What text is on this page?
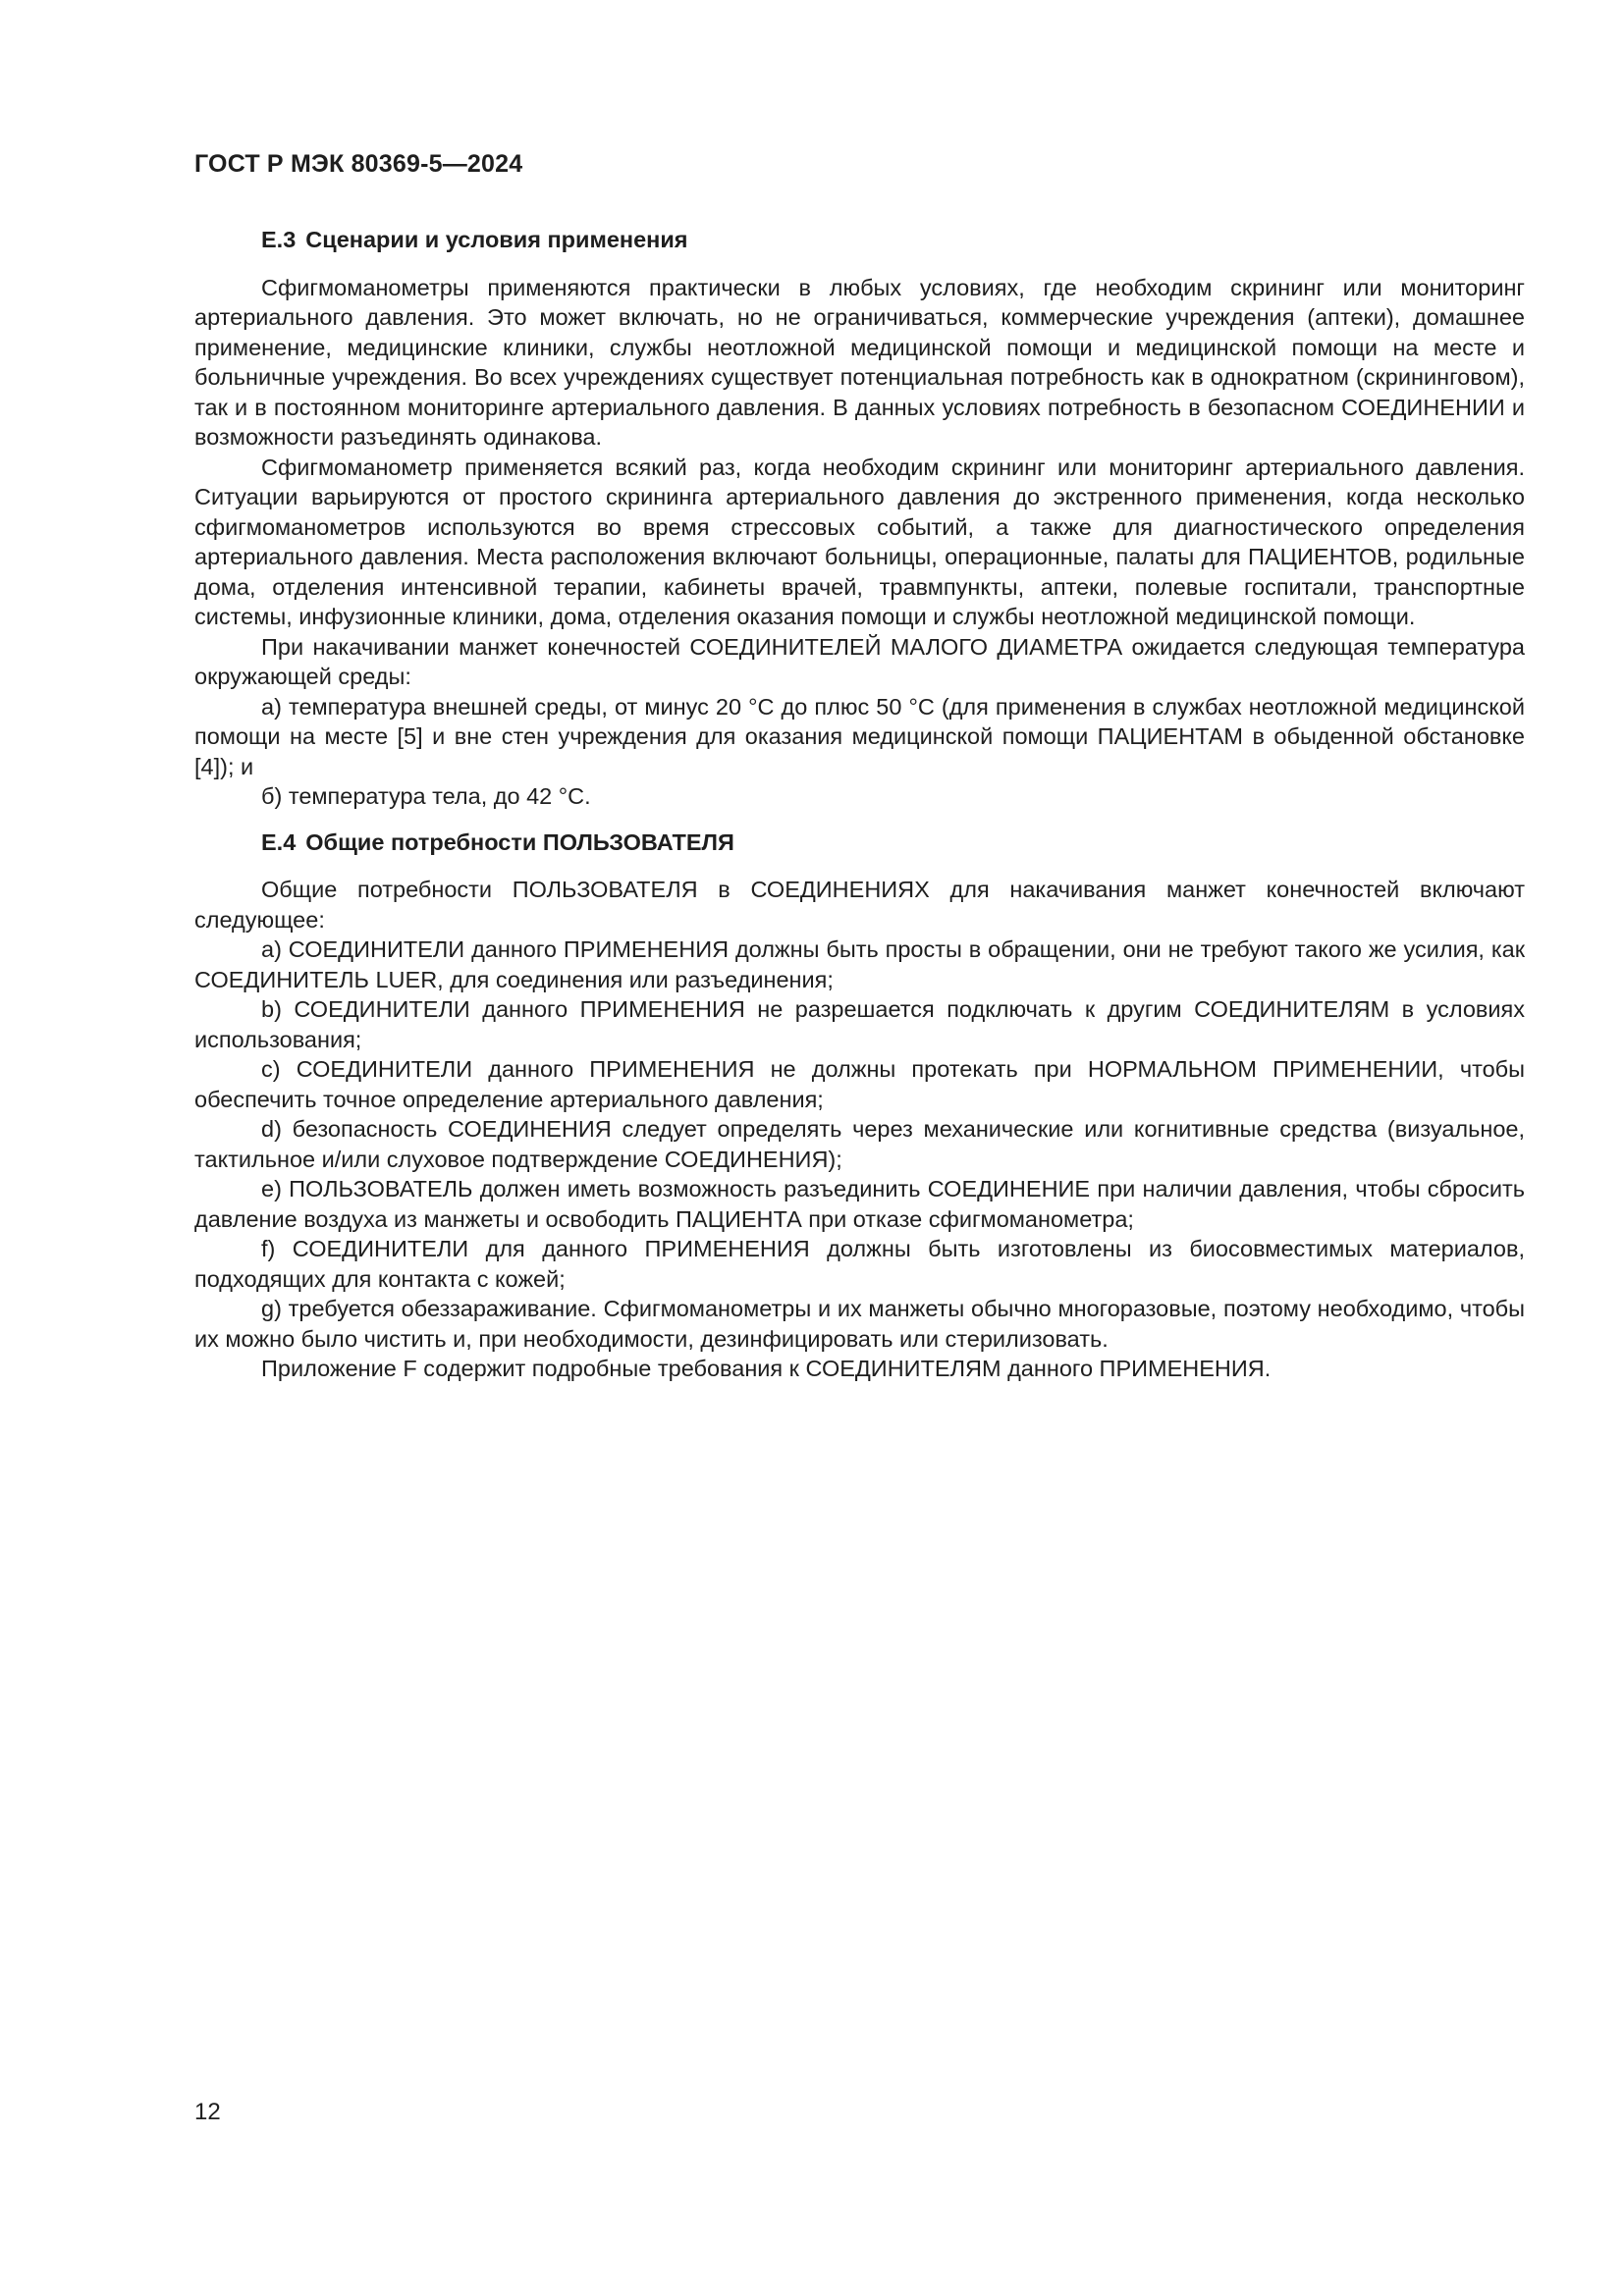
ГОСТ Р МЭК 80369-5—2024

E.3 Сценарии и условия применения

Сфигмоманометры применяются практически в любых условиях, где необходим скрининг или мониторинг артериального давления. Это может включать, но не ограничиваться, коммерческие учреждения (аптеки), домашнее применение, медицинские клиники, службы неотложной медицинской помощи и медицинской помощи на месте и больничные учреждения. Во всех учреждениях существует потенциальная потребность как в однократном (скрининговом), так и в постоянном мониторинге артериального давления. В данных условиях потребность в безопасном СОЕДИНЕНИИ и возможности разъединять одинакова.

Сфигмоманометр применяется всякий раз, когда необходим скрининг или мониторинг артериального давления. Ситуации варьируются от простого скрининга артериального давления до экстренного применения, когда несколько сфигмоманометров используются во время стрессовых событий, а также для диагностического определения артериального давления. Места расположения включают больницы, операционные, палаты для ПАЦИЕНТОВ, родильные дома, отделения интенсивной терапии, кабинеты врачей, травмпункты, аптеки, полевые госпитали, транспортные системы, инфузионные клиники, дома, отделения оказания помощи и службы неотложной медицинской помощи.

При накачивании манжет конечностей СОЕДИНИТЕЛЕЙ МАЛОГО ДИАМЕТРА ожидается следующая температура окружающей среды:

а) температура внешней среды, от минус 20 °С до плюс 50 °С (для применения в службах неотложной медицинской помощи на месте [5] и вне стен учреждения для оказания медицинской помощи ПАЦИЕНТАМ в обыденной обстановке [4]); и

б) температура тела, до 42 °С.

E.4 Общие потребности ПОЛЬЗОВАТЕЛЯ

Общие потребности ПОЛЬЗОВАТЕЛЯ в СОЕДИНЕНИЯХ для накачивания манжет конечностей включают следующее:

a) СОЕДИНИТЕЛИ данного ПРИМЕНЕНИЯ должны быть просты в обращении, они не требуют такого же усилия, как СОЕДИНИТЕЛЬ LUER, для соединения или разъединения;

b) СОЕДИНИТЕЛИ данного ПРИМЕНЕНИЯ не разрешается подключать к другим СОЕДИНИТЕЛЯМ в условиях использования;

c) СОЕДИНИТЕЛИ данного ПРИМЕНЕНИЯ не должны протекать при НОРМАЛЬНОМ ПРИМЕНЕНИИ, чтобы обеспечить точное определение артериального давления;

d) безопасность СОЕДИНЕНИЯ следует определять через механические или когнитивные средства (визуальное, тактильное и/или слуховое подтверждение СОЕДИНЕНИЯ);

e) ПОЛЬЗОВАТЕЛЬ должен иметь возможность разъединить СОЕДИНЕНИЕ при наличии давления, чтобы сбросить давление воздуха из манжеты и освободить ПАЦИЕНТА при отказе сфигмоманометра;

f) СОЕДИНИТЕЛИ для данного ПРИМЕНЕНИЯ должны быть изготовлены из биосовместимых материалов, подходящих для контакта с кожей;

g) требуется обеззараживание. Сфигмоманометры и их манжеты обычно многоразовые, поэтому необходимо, чтобы их можно было чистить и, при необходимости, дезинфицировать или стерилизовать.

Приложение F содержит подробные требования к СОЕДИНИТЕЛЯМ данного ПРИМЕНЕНИЯ.

12
